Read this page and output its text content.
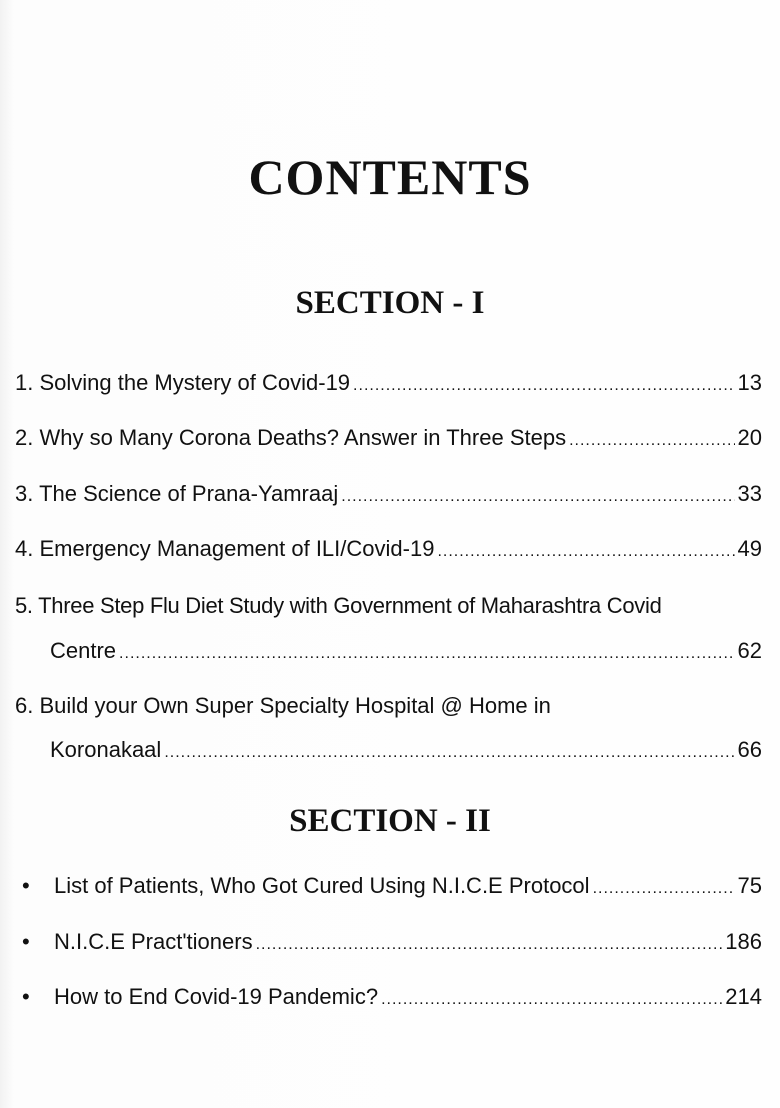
CONTENTS
SECTION - I
1. Solving the Mystery of Covid-19 .....	13
2. Why so Many Corona Deaths? Answer in Three Steps .....	20
3. The Science of Prana-Yamraaj .....	33
4. Emergency Management of ILI/Covid-19 .....	49
5. Three Step Flu Diet Study with Government of Maharashtra Covid
Centre .....	62
6. Build your Own Super Specialty Hospital @ Home in
Koronakaal .....	66
SECTION - II
•	List of Patients, Who Got Cured Using N.I.C.E Protocol .....	75
•	N.I.C.E Pract'tioners .....	186
•	How to End Covid-19 Pandemic? .....	214
